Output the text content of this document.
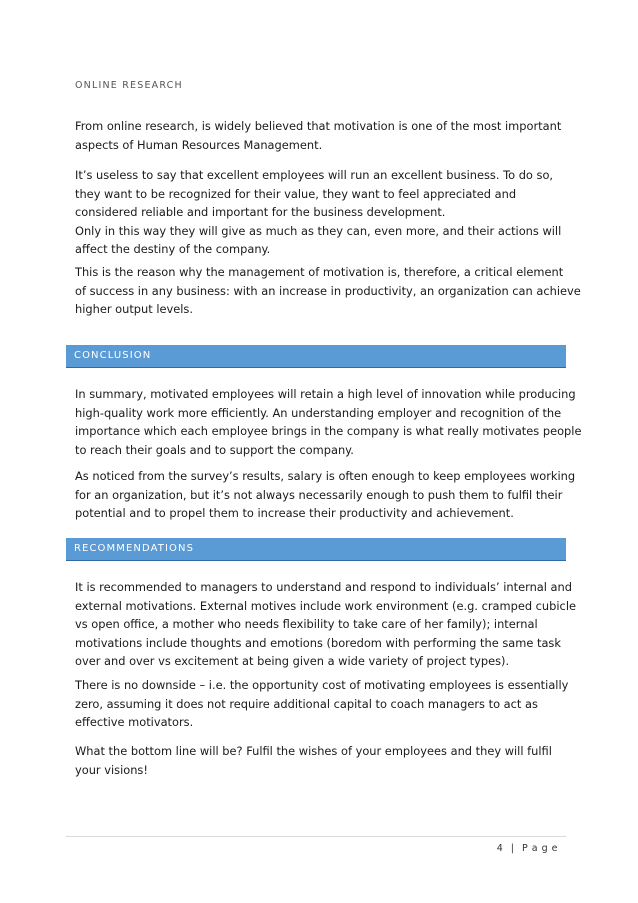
ONLINE RESEARCH

From online research, is widely believed that motivation is one of the most important
aspects of Human Resources Management.

It’s useless to say that excellent employees will run an excellent business. To do so,
they want to be recognized for their value, they want to feel appreciated and
considered reliable and important for the business development.
Only in this way they will give as much as they can, even more, and their actions will
affect the destiny of the company.

This is the reason why the management of motivation is, therefore, a critical element
of success in any business: with an increase in productivity, an organization can achieve
higher output levels.

CONCLUSION

In summary, motivated employees will retain a high level of innovation while producing
high-quality work more efficiently. An understanding employer and recognition of the
importance which each employee brings in the company is what really motivates people
to reach their goals and to support the company.

As noticed from the survey’s results, salary is often enough to keep employees working
for an organization, but it’s not always necessarily enough to push them to fulfil their
potential and to propel them to increase their productivity and achievement.

RECOMMENDATIONS

It is recommended to managers to understand and respond to individuals’ internal and
external motivations. External motives include work environment (e.g. cramped cubicle
vs open office, a mother who needs flexibility to take care of her family); internal
motivations include thoughts and emotions (boredom with performing the same task
over and over vs excitement at being given a wide variety of project types).

There is no downside – i.e. the opportunity cost of motivating employees is essentially
zero, assuming it does not require additional capital to coach managers to act as
effective motivators.

What the bottom line will be? Fulfil the wishes of your employees and they will fulfil
your visions!

4 | P a g e
